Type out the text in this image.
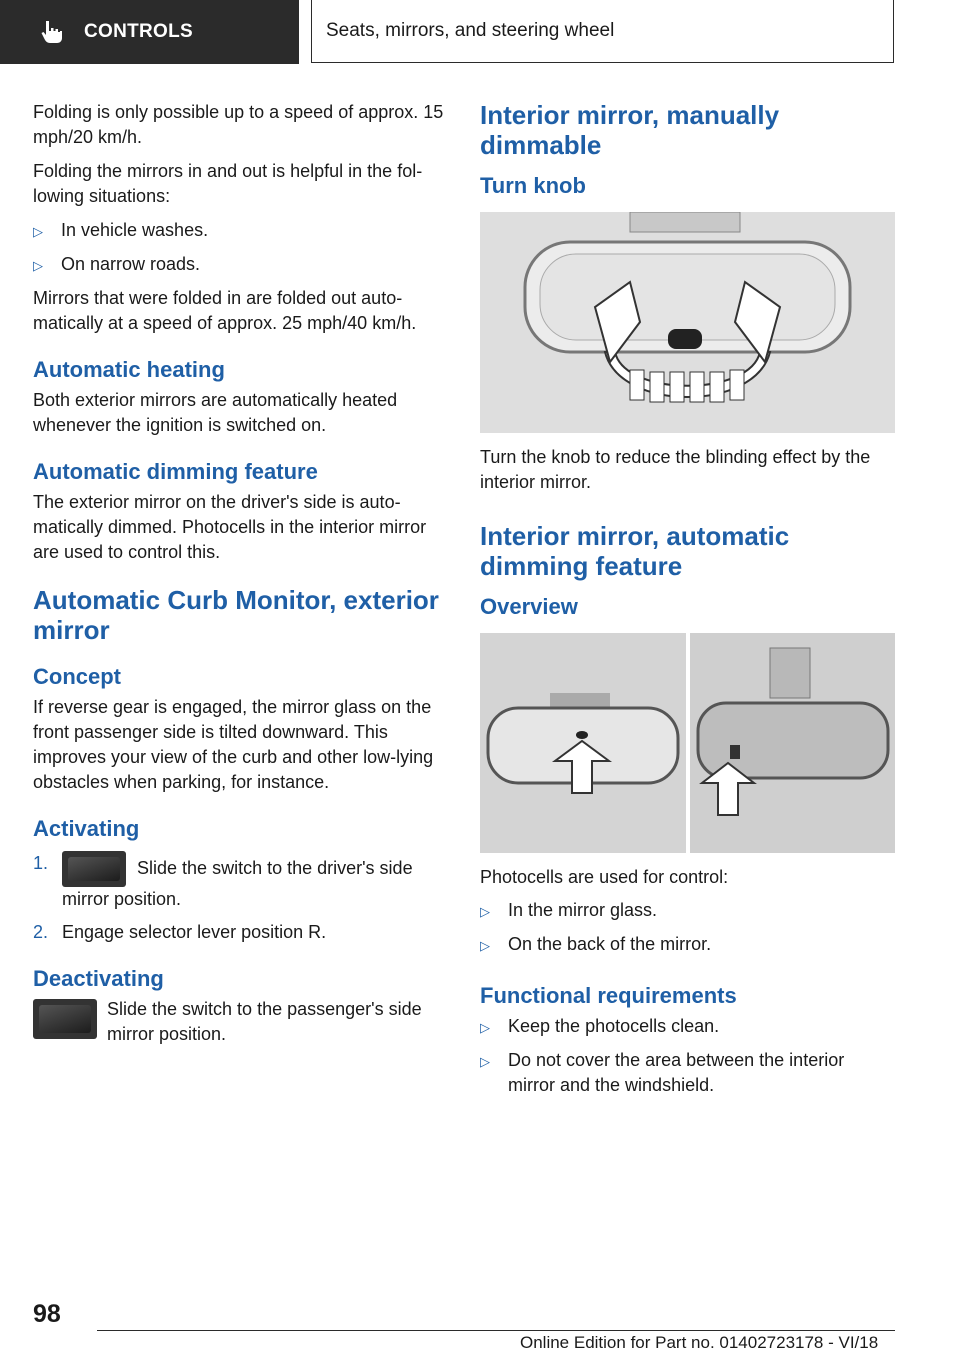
CONTROLS	Seats, mirrors, and steering wheel

Folding is only possible up to a speed of approx. 15 mph/20 km/h.

Folding the mirrors in and out is helpful in the following situations:

▷	In vehicle washes.
▷	On narrow roads.

Mirrors that were folded in are folded out automatically at a speed of approx. 25 mph/40 km/h.

Automatic heating

Both exterior mirrors are automatically heated whenever the ignition is switched on.

Automatic dimming feature

The exterior mirror on the driver's side is automatically dimmed. Photocells in the interior mirror are used to control this.

Automatic Curb Monitor, exterior mirror
Concept

If reverse gear is engaged, the mirror glass on the front passenger side is tilted downward. This improves your view of the curb and other low-lying obstacles when parking, for instance.

Activating
1.	Slide the switch to the driver's side mirror position.
2. Engage selector lever position R.
Deactivating
Slide the switch to the passenger's side mirror position.
Interior mirror, manually dimmable
Turn knob

Turn the knob to reduce the blinding effect by the interior mirror.

Interior mirror, automatic dimming feature
Overview

Photocells are used for control:

▷	In the mirror glass.
▷	On the back of the mirror.
Functional requirements
▷	Keep the photocells clean.
▷	Do not cover the area between the interior mirror and the windshield.
98
Online Edition for Part no. 01402723178 - VI/18
